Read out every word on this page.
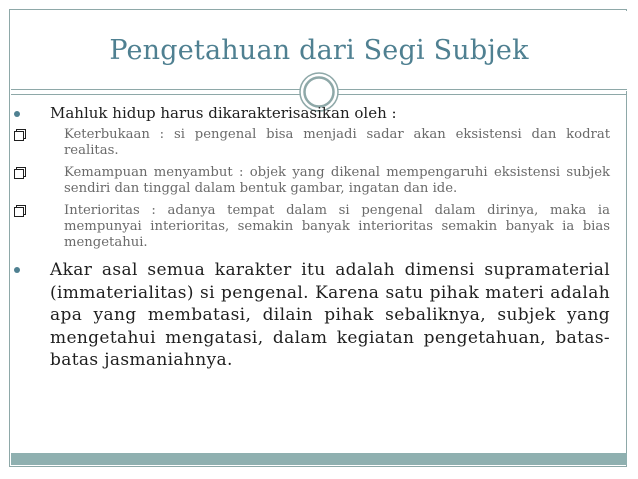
Pengetahuan dari Segi Subjek
Mahluk hidup harus dikarakterisasikan oleh :
Keterbukaan : si pengenal bisa menjadi sadar akan eksistensi dan kodrat realitas.
Kemampuan menyambut : objek yang dikenal mempengaruhi eksistensi subjek sendiri dan tinggal dalam bentuk gambar, ingatan dan ide.
Interioritas : adanya tempat dalam si pengenal dalam dirinya, maka ia mempunyai interioritas, semakin banyak interioritas semakin banyak ia bias mengetahui.
Akar asal semua karakter itu adalah dimensi supramaterial (immaterialitas) si pengenal. Karena satu pihak materi adalah apa yang membatasi, dilain pihak sebaliknya, subjek yang mengetahui mengatasi, dalam kegiatan pengetahuan, batas-batas jasmaniahnya.
